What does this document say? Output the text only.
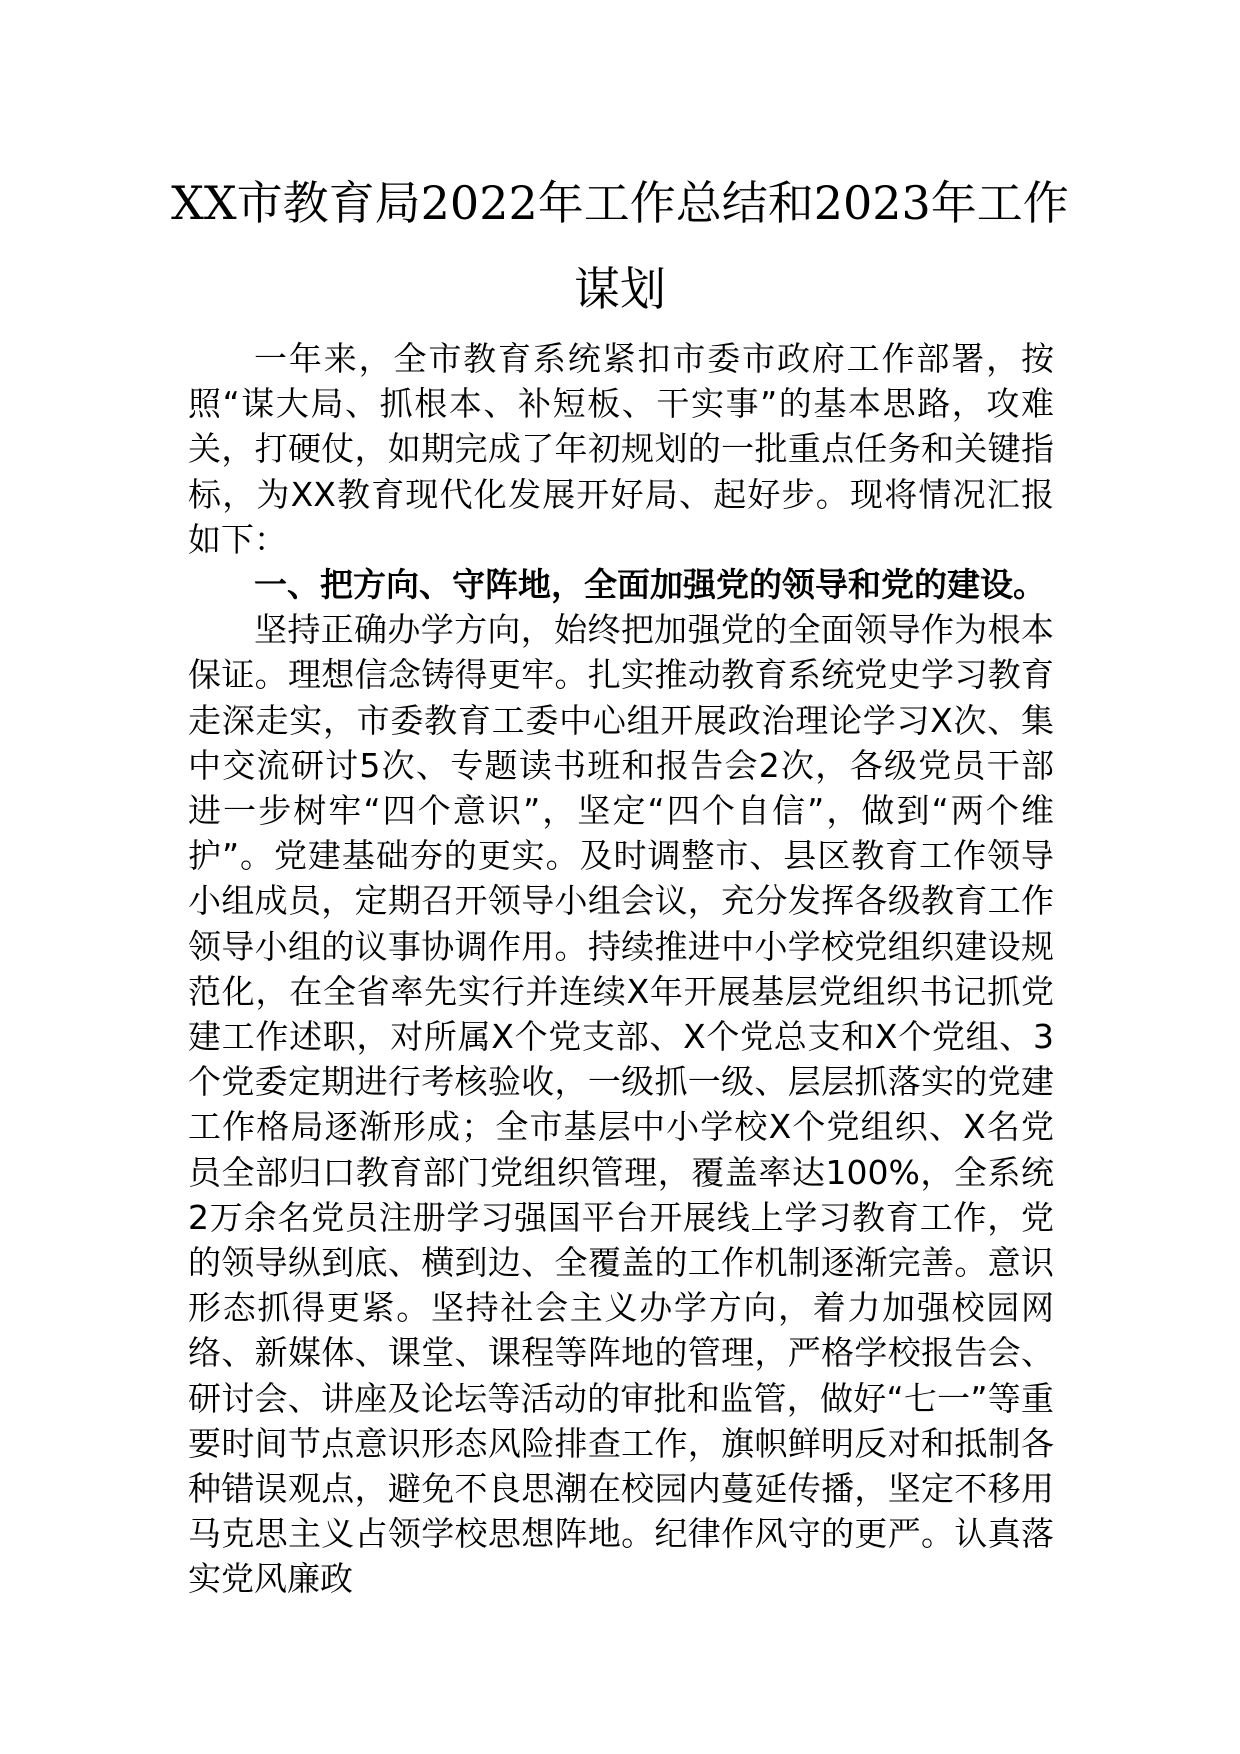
XX市教育局2022年工作总结和2023年工作谋划

一年来，全市教育系统紧扣市委市政府工作部署，按照“谋大局、抓根本、补短板、干实事”的基本思路，攻难关，打硬仗，如期完成了年初规划的一批重点任务和关键指标，为XX教育现代化发展开好局、起好步。现将情况汇报如下：

一、把方向、守阵地，全面加强党的领导和党的建设。

坚持正确办学方向，始终把加强党的全面领导作为根本保证。理想信念铸得更牢。扎实推动教育系统党史学习教育走深走实，市委教育工委中心组开展政治理论学习X次、集中交流研讨5次、专题读书班和报告会2次，各级党员干部进一步树牢“四个意识”，坚定“四个自信”，做到“两个维护”。党建基础夯的更实。及时调整市、县区教育工作领导小组成员，定期召开领导小组会议，充分发挥各级教育工作领导小组的议事协调作用。持续推进中小学校党组织建设规范化，在全省率先实行并连续X年开展基层党组织书记抓党建工作述职，对所属X个党支部、X个党总支和X个党组、3个党委定期进行考核验收，一级抓一级、层层抓落实的党建工作格局逐渐形成；全市基层中小学校X个党组织、X名党员全部归口教育部门党组织管理，覆盖率达100%，全系统2万余名党员注册学习强国平台开展线上学习教育工作，党的领导纵到底、横到边、全覆盖的工作机制逐渐完善。意识形态抓得更紧。坚持社会主义办学方向，着力加强校园网络、新媒体、课堂、课程等阵地的管理，严格学校报告会、研讨会、讲座及论坛等活动的审批和监管，做好“七一”等重要时间节点意识形态风险排查工作，旗帜鲜明反对和抵制各种错误观点，避免不良思潮在校园内蔓延传播，坚定不移用马克思主义占领学校思想阵地。纪律作风守的更严。认真落实党风廉政
